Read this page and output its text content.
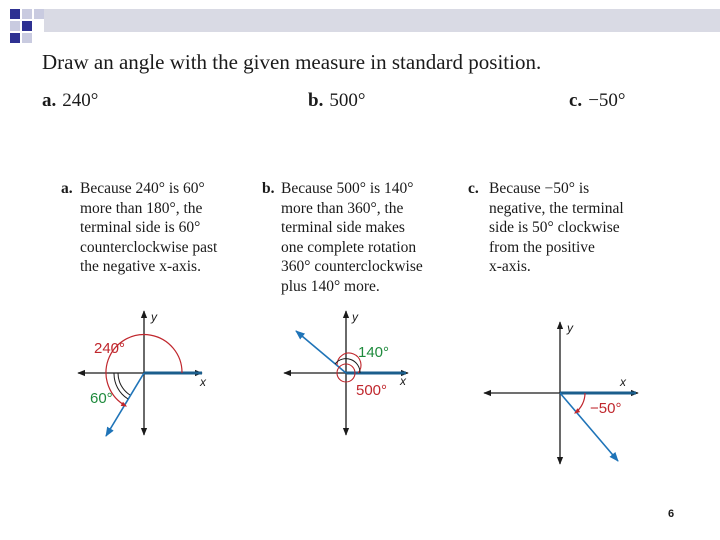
Draw an angle with the given measure in standard position.
a. 240°	b. 500°	c. −50°
a. Because 240° is 60°
more than 180°, the
terminal side is 60°
counterclockwise past
the negative x-axis.
b. Because 500° is 140°
more than 360°, the
terminal side makes
one complete rotation
360° counterclockwise
plus 140° more.
c. Because −50° is
negative, the terminal
side is 50° clockwise
from the positive
x-axis.
y
x
240°
60°
y
x
140°
500°
y
x
−50°
6
